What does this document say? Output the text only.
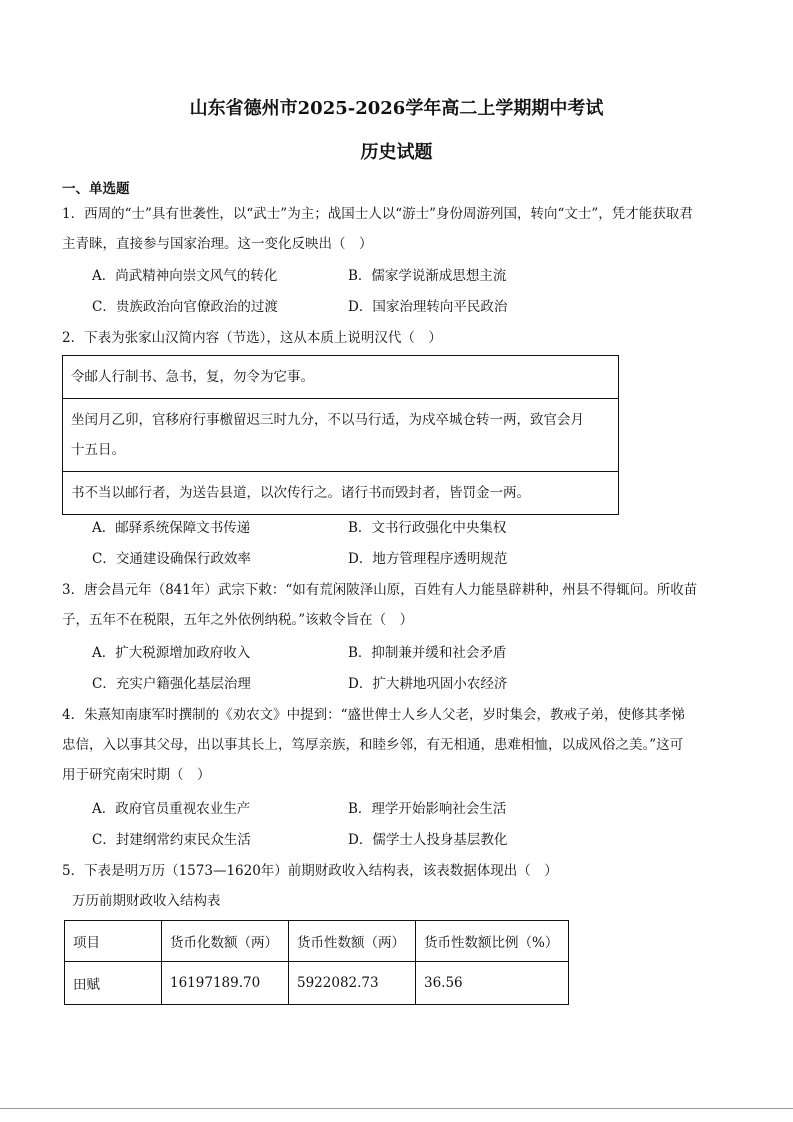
山东省德州市2025-2026学年高二上学期期中考试
历史试题
一、单选题
1．西周的“士”具有世袭性，以“武士”为主；战国士人以“游士”身份周游列国，转向“文士”，凭才能获取君
主青睐，直接参与国家治理。这一变化反映出（　）
A．尚武精神向崇文风气的转化	B．儒家学说渐成思想主流
C．贵族政治向官僚政治的过渡	D．国家治理转向平民政治
2．下表为张家山汉简内容（节选），这从本质上说明汉代（　）
令邮人行制书、急书，复，勿令为它事。

坐闰月乙卯，官移府行事檄留迟三时九分，不以马行适，为戍卒城仓转一两，致官会月
十五日。

书不当以邮行者，为送告县道，以次传行之。诸行书而毁封者，皆罚金一两。
A．邮驿系统保障文书传递	B．文书行政强化中央集权
C．交通建设确保行政效率	D．地方管理程序透明规范
3．唐会昌元年（841年）武宗下敕：“如有荒闲陂泽山原，百姓有人力能垦辟耕种，州县不得辄问。所收苗
子，五年不在税限，五年之外依例纳税。”该敕令旨在（　）
A．扩大税源增加政府收入	B．抑制兼并缓和社会矛盾
C．充实户籍强化基层治理	D．扩大耕地巩固小农经济
4．朱熹知南康军时撰制的《劝农文》中提到：“盛世俾士人乡人父老，岁时集会，教戒子弟，使修其孝悌
忠信，入以事其父母，出以事其长上，笃厚亲族，和睦乡邻，有无相通，患难相恤，以成风俗之美。”这可
用于研究南宋时期（　）
A．政府官员重视农业生产	B．理学开始影响社会生活
C．封建纲常约束民众生活	D．儒学士人投身基层教化
5．下表是明万历（1573—1620年）前期财政收入结构表，该表数据体现出（　）
万历前期财政收入结构表
项目	货币化数额（两）	货币性数额（两）	货币性数额比例（%）
田赋	16197189.70	5922082.73	36.56
